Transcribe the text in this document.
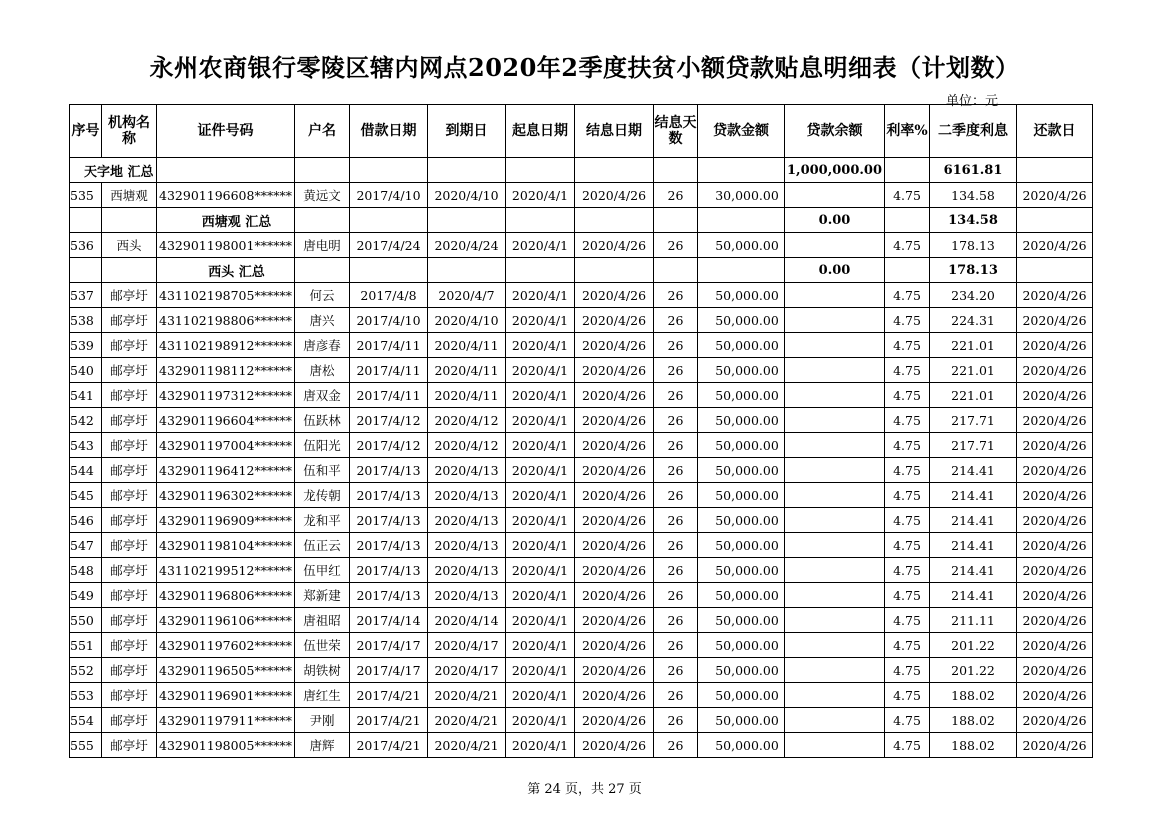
永州农商银行零陵区辖内网点2020年2季度扶贫小额贷款贴息明细表（计划数）
单位：元
序号	机构名称	证件号码	户名	借款日期	到期日	起息日期	结息日期	结息天数	贷款金额	贷款余额	利率%	二季度利息	还款日
天字地 汇总										1,000,000.00		6161.81	
535	西塘观	432901196608******	黄远文	2017/4/10	2020/4/10	2020/4/1	2020/4/26	26	30,000.00		4.75	134.58	2020/4/26
		西塘观 汇总								0.00		134.58	
536	西头	432901198001******	唐电明	2017/4/24	2020/4/24	2020/4/1	2020/4/26	26	50,000.00		4.75	178.13	2020/4/26
		西头 汇总								0.00		178.13	
537	邮亭圩	431102198705******	何云	2017/4/8	2020/4/7	2020/4/1	2020/4/26	26	50,000.00		4.75	234.20	2020/4/26
538	邮亭圩	431102198806******	唐兴	2017/4/10	2020/4/10	2020/4/1	2020/4/26	26	50,000.00		4.75	224.31	2020/4/26
539	邮亭圩	431102198912******	唐彦春	2017/4/11	2020/4/11	2020/4/1	2020/4/26	26	50,000.00		4.75	221.01	2020/4/26
540	邮亭圩	432901198112******	唐松	2017/4/11	2020/4/11	2020/4/1	2020/4/26	26	50,000.00		4.75	221.01	2020/4/26
541	邮亭圩	432901197312******	唐双金	2017/4/11	2020/4/11	2020/4/1	2020/4/26	26	50,000.00		4.75	221.01	2020/4/26
542	邮亭圩	432901196604******	伍跃林	2017/4/12	2020/4/12	2020/4/1	2020/4/26	26	50,000.00		4.75	217.71	2020/4/26
543	邮亭圩	432901197004******	伍阳光	2017/4/12	2020/4/12	2020/4/1	2020/4/26	26	50,000.00		4.75	217.71	2020/4/26
544	邮亭圩	432901196412******	伍和平	2017/4/13	2020/4/13	2020/4/1	2020/4/26	26	50,000.00		4.75	214.41	2020/4/26
545	邮亭圩	432901196302******	龙传朝	2017/4/13	2020/4/13	2020/4/1	2020/4/26	26	50,000.00		4.75	214.41	2020/4/26
546	邮亭圩	432901196909******	龙和平	2017/4/13	2020/4/13	2020/4/1	2020/4/26	26	50,000.00		4.75	214.41	2020/4/26
547	邮亭圩	432901198104******	伍正云	2017/4/13	2020/4/13	2020/4/1	2020/4/26	26	50,000.00		4.75	214.41	2020/4/26
548	邮亭圩	431102199512******	伍甲红	2017/4/13	2020/4/13	2020/4/1	2020/4/26	26	50,000.00		4.75	214.41	2020/4/26
549	邮亭圩	432901196806******	郑新建	2017/4/13	2020/4/13	2020/4/1	2020/4/26	26	50,000.00		4.75	214.41	2020/4/26
550	邮亭圩	432901196106******	唐祖昭	2017/4/14	2020/4/14	2020/4/1	2020/4/26	26	50,000.00		4.75	211.11	2020/4/26
551	邮亭圩	432901197602******	伍世荣	2017/4/17	2020/4/17	2020/4/1	2020/4/26	26	50,000.00		4.75	201.22	2020/4/26
552	邮亭圩	432901196505******	胡铁树	2017/4/17	2020/4/17	2020/4/1	2020/4/26	26	50,000.00		4.75	201.22	2020/4/26
553	邮亭圩	432901196901******	唐红生	2017/4/21	2020/4/21	2020/4/1	2020/4/26	26	50,000.00		4.75	188.02	2020/4/26
554	邮亭圩	432901197911******	尹刚	2017/4/21	2020/4/21	2020/4/1	2020/4/26	26	50,000.00		4.75	188.02	2020/4/26
555	邮亭圩	432901198005******	唐辉	2017/4/21	2020/4/21	2020/4/1	2020/4/26	26	50,000.00		4.75	188.02	2020/4/26
第 24 页，共 27 页
